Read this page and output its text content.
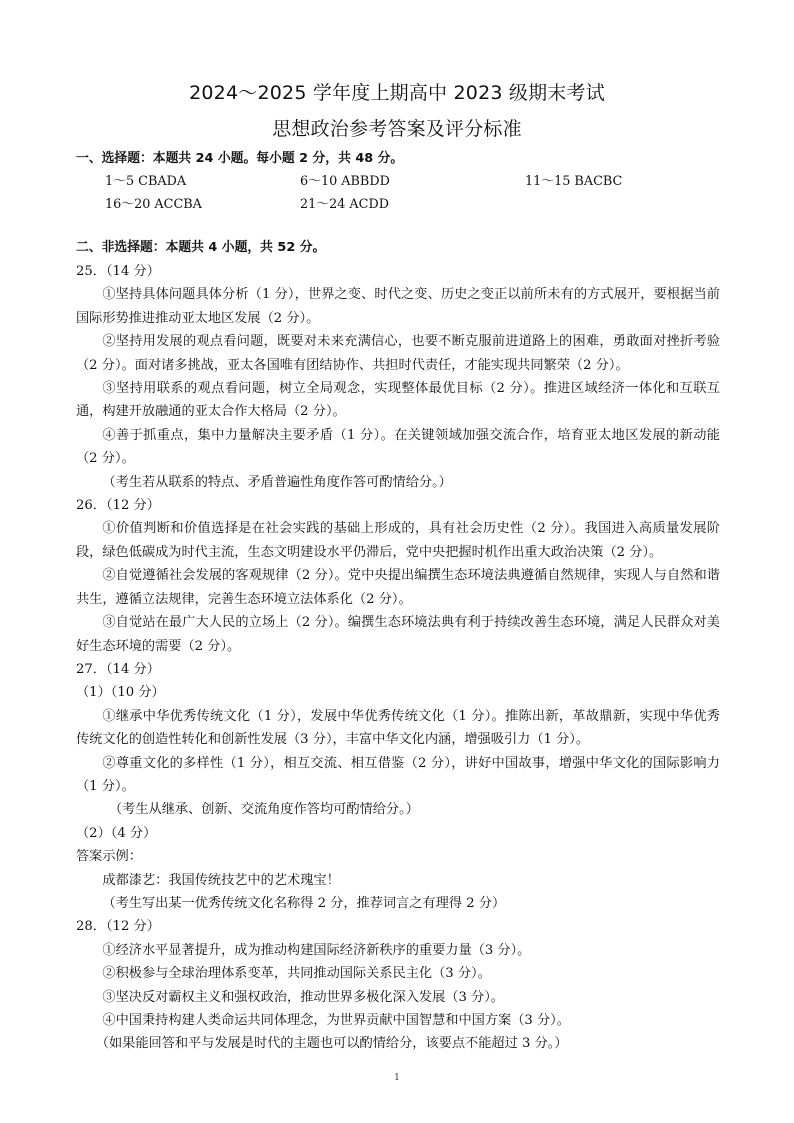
2024～2025 学年度上期高中 2023 级期末考试
思想政治参考答案及评分标准
一、选择题：本题共 24 小题。每小题 2 分，共 48 分。
1～5 CBADA	6～10 ABBDD	11～15 BACBC
16～20 ACCBA	21～24 ACDD
二、非选择题：本题共 4 小题，共 52 分。

25．（14 分）

①坚持具体问题具体分析（1 分），世界之变、时代之变、历史之变正以前所未有的方式展开，要根据当前国际形势推进推动亚太地区发展（2 分）。

②坚持用发展的观点看问题，既要对未来充满信心，也要不断克服前进道路上的困难，勇敢面对挫折考验（2 分）。面对诸多挑战，亚太各国唯有团结协作、共担时代责任，才能实现共同繁荣（2 分）。

③坚持用联系的观点看问题，树立全局观念，实现整体最优目标（2 分）。推进区域经济一体化和互联互通，构建开放融通的亚太合作大格局（2 分）。

④善于抓重点，集中力量解决主要矛盾（1 分）。在关键领域加强交流合作，培育亚太地区发展的新动能（2 分）。

（考生若从联系的特点、矛盾普遍性角度作答可酌情给分。）

26．（12 分）

①价值判断和价值选择是在社会实践的基础上形成的，具有社会历史性（2 分）。我国进入高质量发展阶段，绿色低碳成为时代主流，生态文明建设水平仍滞后，党中央把握时机作出重大政治决策（2 分）。

②自觉遵循社会发展的客观规律（2 分）。党中央提出编撰生态环境法典遵循自然规律，实现人与自然和谐共生，遵循立法规律，完善生态环境立法体系化（2 分）。

③自觉站在最广大人民的立场上（2 分）。编撰生态环境法典有利于持续改善生态环境，满足人民群众对美好生态环境的需要（2 分）。

27．（14 分）

（1）（10 分）

①继承中华优秀传统文化（1 分），发展中华优秀传统文化（1 分）。推陈出新，革故鼎新，实现中华优秀传统文化的创造性转化和创新性发展（3 分），丰富中华文化内涵，增强吸引力（1 分）。

②尊重文化的多样性（1 分），相互交流、相互借鉴（2 分），讲好中国故事，增强中华文化的国际影响力（1 分）。

（考生从继承、创新、交流角度作答均可酌情给分。）

（2）（4 分）

答案示例：

成都漆艺：我国传统技艺中的艺术瑰宝！

（考生写出某一优秀传统文化名称得 2 分，推荐词言之有理得 2 分）

28．（12 分）

①经济水平显著提升，成为推动构建国际经济新秩序的重要力量（3 分）。

②积极参与全球治理体系变革，共同推动国际关系民主化（3 分）。

③坚决反对霸权主义和强权政治，推动世界多极化深入发展（3 分）。

④中国秉持构建人类命运共同体理念，为世界贡献中国智慧和中国方案（3 分）。

（如果能回答和平与发展是时代的主题也可以酌情给分，该要点不能超过 3 分。）

1
